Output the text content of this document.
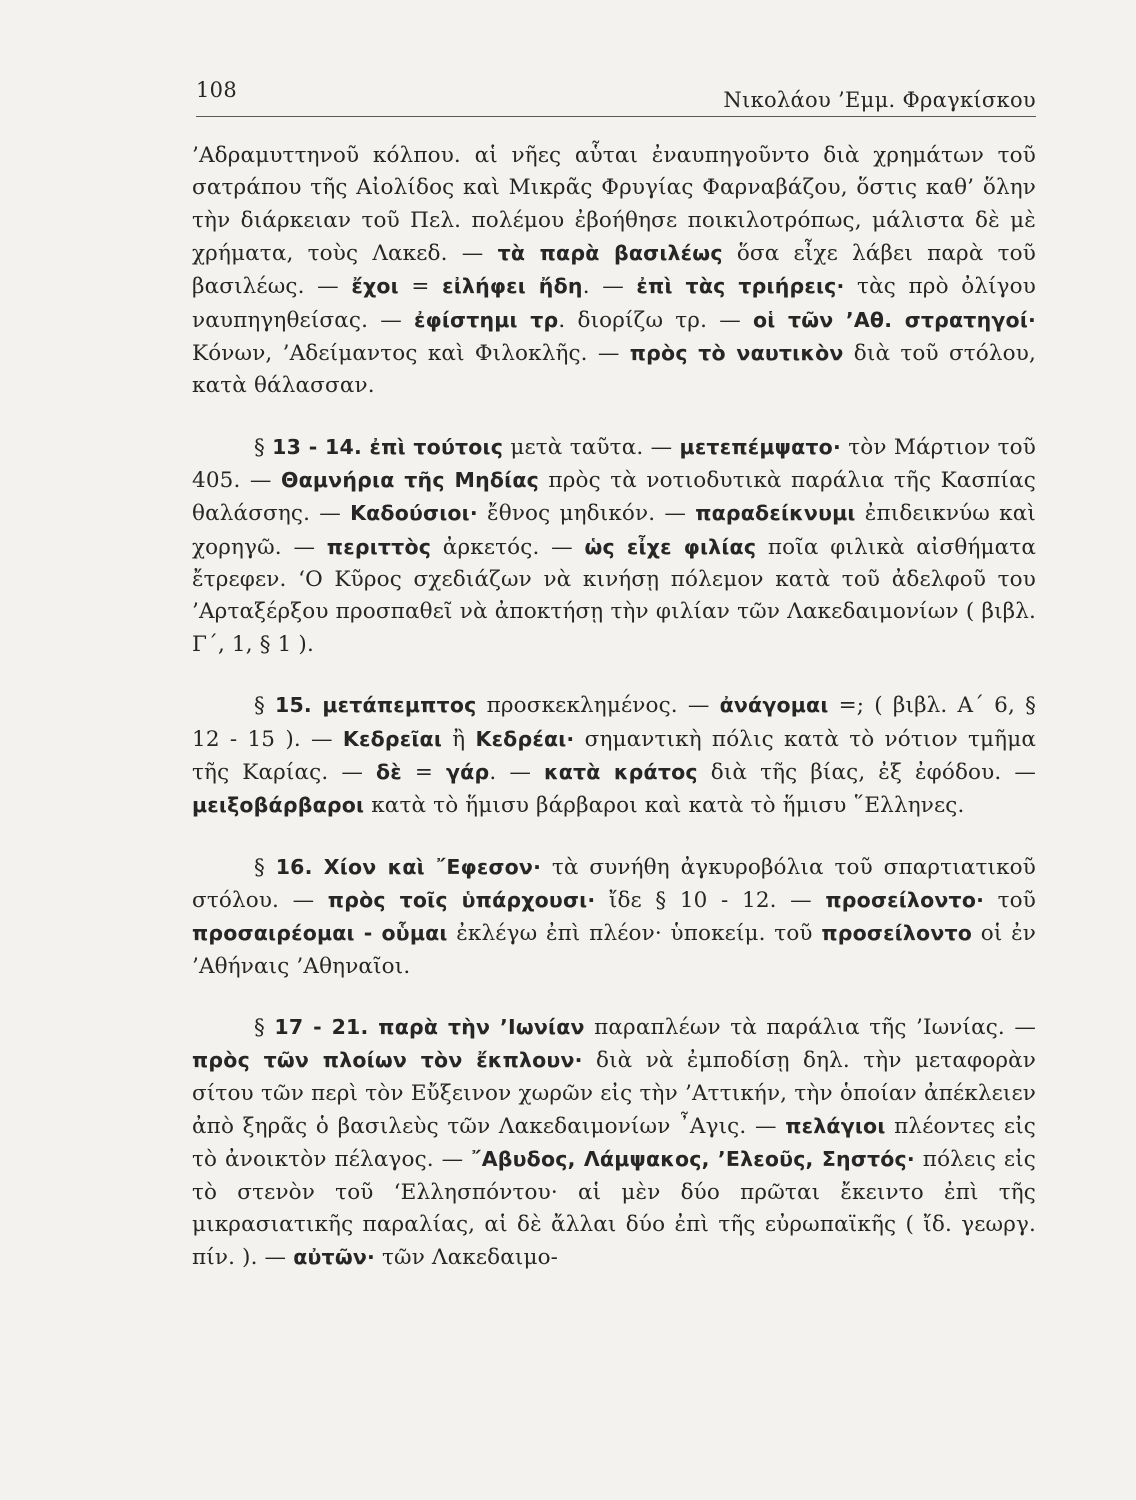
108	Νικολάου ’Εμμ. Φραγκίσκου

’Αδραμυττηνοῦ κόλπου. αἱ νῆες αὗται ἐναυπηγοῦντο διὰ χρημάτων τοῦ σατράπου τῆς Αἰολίδος καὶ Μικρᾶς Φρυγίας Φαρναβάζου, ὅστις καθ’ ὅλην τὴν διάρκειαν τοῦ Πελ. πολέμου ἐβοήθησε ποικιλοτρόπως, μάλιστα δὲ μὲ χρήματα, τοὺς Λακεδ. — τὰ παρὰ βασιλέως ὅσα εἶχε λάβει παρὰ τοῦ βασιλέως. — ἔχοι = εἰλήφει ἤδη. — ἐπὶ τὰς τριήρεις· τὰς πρὸ ὀλίγου ναυπηγηθείσας. — ἐφίστημι τρ. διορίζω τρ. — οἱ τῶν ’Αθ. στρατηγοί· Κόνων, ’Αδείμαντος καὶ Φιλοκλῆς. — πρὸς τὸ ναυτικὸν διὰ τοῦ στόλου, κατὰ θάλασσαν.

§ 13 - 14. ἐπὶ τούτοις μετὰ ταῦτα. — μετεπέμψατο· τὸν Μάρτιον τοῦ 405. — Θαμνήρια τῆς Μηδίας πρὸς τὰ νοτιοδυτικὰ παράλια τῆς Κασπίας θαλάσσης. — Καδούσιοι· ἔθνος μηδικόν. — παραδείκνυμι ἐπιδεικνύω καὶ χορηγῶ. — περιττὸς ἀρκετός. — ὡς εἶχε φιλίας ποῖα φιλικὰ αἰσθήματα ἔτρεφεν. ‘Ο Κῦρος σχεδιάζων νὰ κινήσῃ πόλεμον κατὰ τοῦ ἀδελφοῦ του ’Αρταξέρξου προσπαθεῖ νὰ ἀποκτήσῃ τὴν φιλίαν τῶν Λακεδαιμονίων ( βιβλ. Γ΄, 1, § 1 ).

§ 15. μετάπεμπτος προσκεκλημένος. — ἀνάγομαι =; ( βιβλ. Α΄ 6, § 12 - 15 ). — Κεδρεῖαι ἢ Κεδρέαι· σημαντικὴ πόλις κατὰ τὸ νότιον τμῆμα τῆς Καρίας. — δὲ = γάρ. — κατὰ κράτος διὰ τῆς βίας, ἐξ ἐφόδου. — μειξοβάρβαροι κατὰ τὸ ἥμισυ βάρβαροι καὶ κατὰ τὸ ἥμισυ ῞Ελληνες.

§ 16. Χίον καὶ ῎Εφεσον· τὰ συνήθη ἀγκυροβόλια τοῦ σπαρτιατικοῦ στόλου. — πρὸς τοῖς ὑπάρχουσι· ἴδε § 10 - 12. — προσείλοντο· τοῦ προσαιρέομαι - οὗμαι ἐκλέγω ἐπὶ πλέον· ὑποκείμ. τοῦ προσείλοντο οἱ ἐν ’Αθήναις ’Αθηναῖοι.

§ 17 - 21. παρὰ τὴν ’Ιωνίαν παραπλέων τὰ παράλια τῆς ’Ιωνίας. — πρὸς τῶν πλοίων τὸν ἔκπλουν· διὰ νὰ ἐμποδίσῃ δηλ. τὴν μεταφορὰν σίτου τῶν περὶ τὸν Εὔξεινον χωρῶν εἰς τὴν ’Αττικήν, τὴν ὁποίαν ἀπέκλειεν ἀπὸ ξηρᾶς ὁ βασιλεὺς τῶν Λακεδαιμονίων ῏Αγις. — πελάγιοι πλέοντες εἰς τὸ ἀνοικτὸν πέλαγος. — ῎Αβυδος, Λάμψακος, ’Ελεοῦς, Σηστός· πόλεις εἰς τὸ στενὸν τοῦ ‘Ελλησπόντου· αἱ μὲν δύο πρῶται ἔκειντο ἐπὶ τῆς μικρασιατικῆς παραλίας, αἱ δὲ ἄλλαι δύο ἐπὶ τῆς εὐρωπαϊκῆς ( ἴδ. γεωργ. πίν. ). — αὐτῶν· τῶν Λακεδαιμο-
